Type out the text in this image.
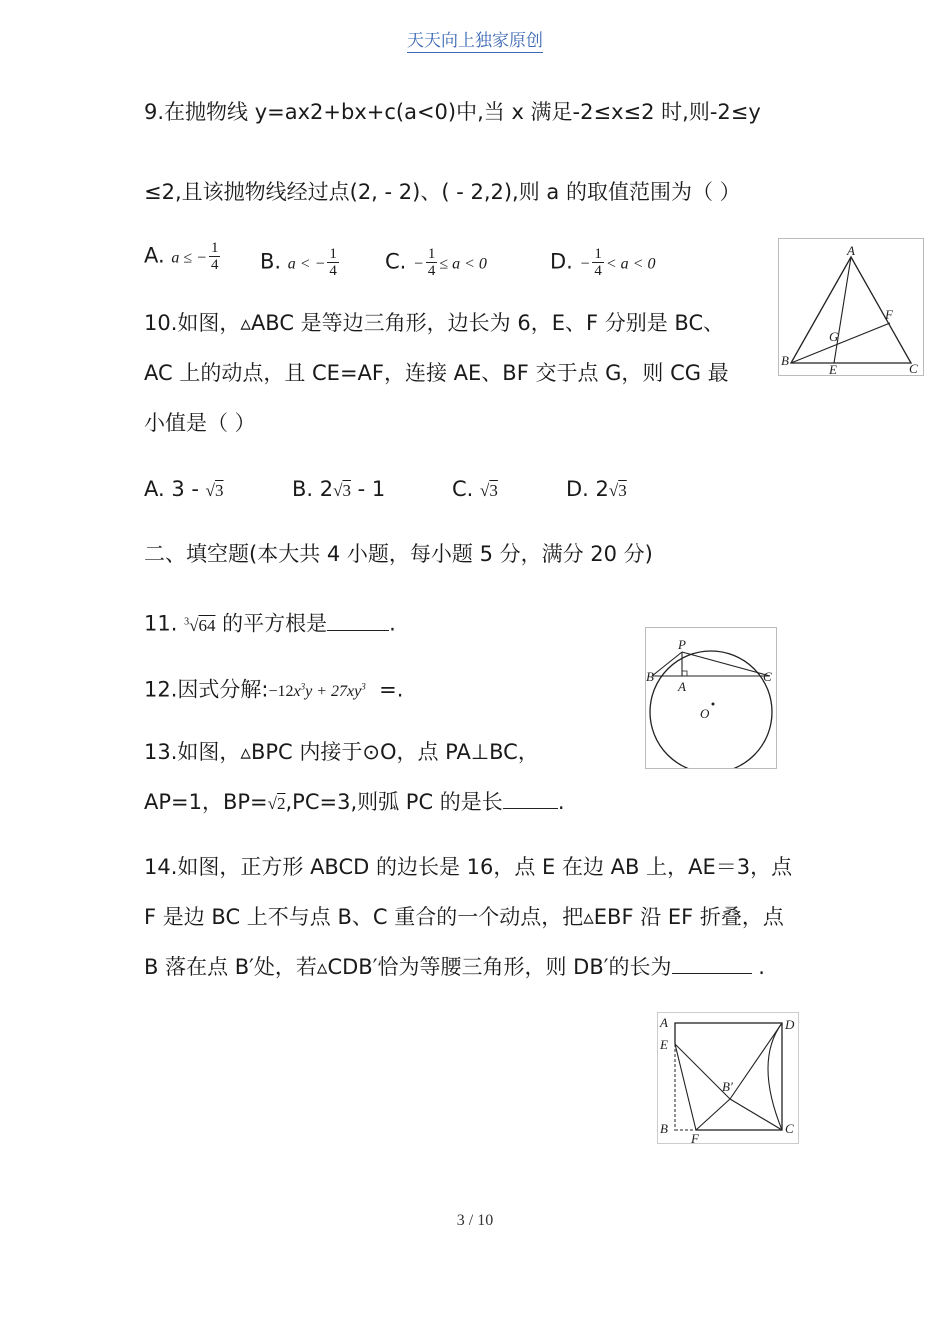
天天向上独家原创
9.在抛物线 y=ax2+bx+c(a<0)中,当 x 满足-2≤x≤2 时,则-2≤y
≤2,且该抛物线经过点(2, - 2)、( - 2,2),则 a 的取值范围为（ ）
A. a ≤ − $\frac{1}{4} B$. a < − $\frac{1}{4} C$. − $\frac{1}{4} \le a < 0$	D. − $\frac{1}{4} < a < 0$
A
B
C
E
F
G
10.如图，▵ABC 是等边三角形，边长为 6，E、F 分别是 BC、
AC 上的动点，且 CE=AF，连接 AE、BF 交于点 G，则 CG 最
小值是（ ）
A. 3 - √3	B. 2√3 - 1	C. √3	D. 2√3
二、填空题(本大共 4 小题，每小题 5 分，满分 20 分)
11. $^3$√64 的平方根是	.
P
B
A
C
O
12.因式分解$:-12x^3y + 27xy^3$ =.
13.如图，▵BPC 内接于⊙O，点 PA⊥BC，
AP=1，BP=√2,PC=3,则弧 PC 的是长	.
14.如图，正方形 ABCD 的边长是 16，点 E 在边 AB 上，AE＝3，点
F 是边 BC 上不与点 B、C 重合的一个动点，把▵EBF 沿 EF 折叠，点
B 落在点 B′处，若▵CDB′恰为等腰三角形，则 DB′的长为	.
A	D
E
B′
B
F
C
3 / 10
